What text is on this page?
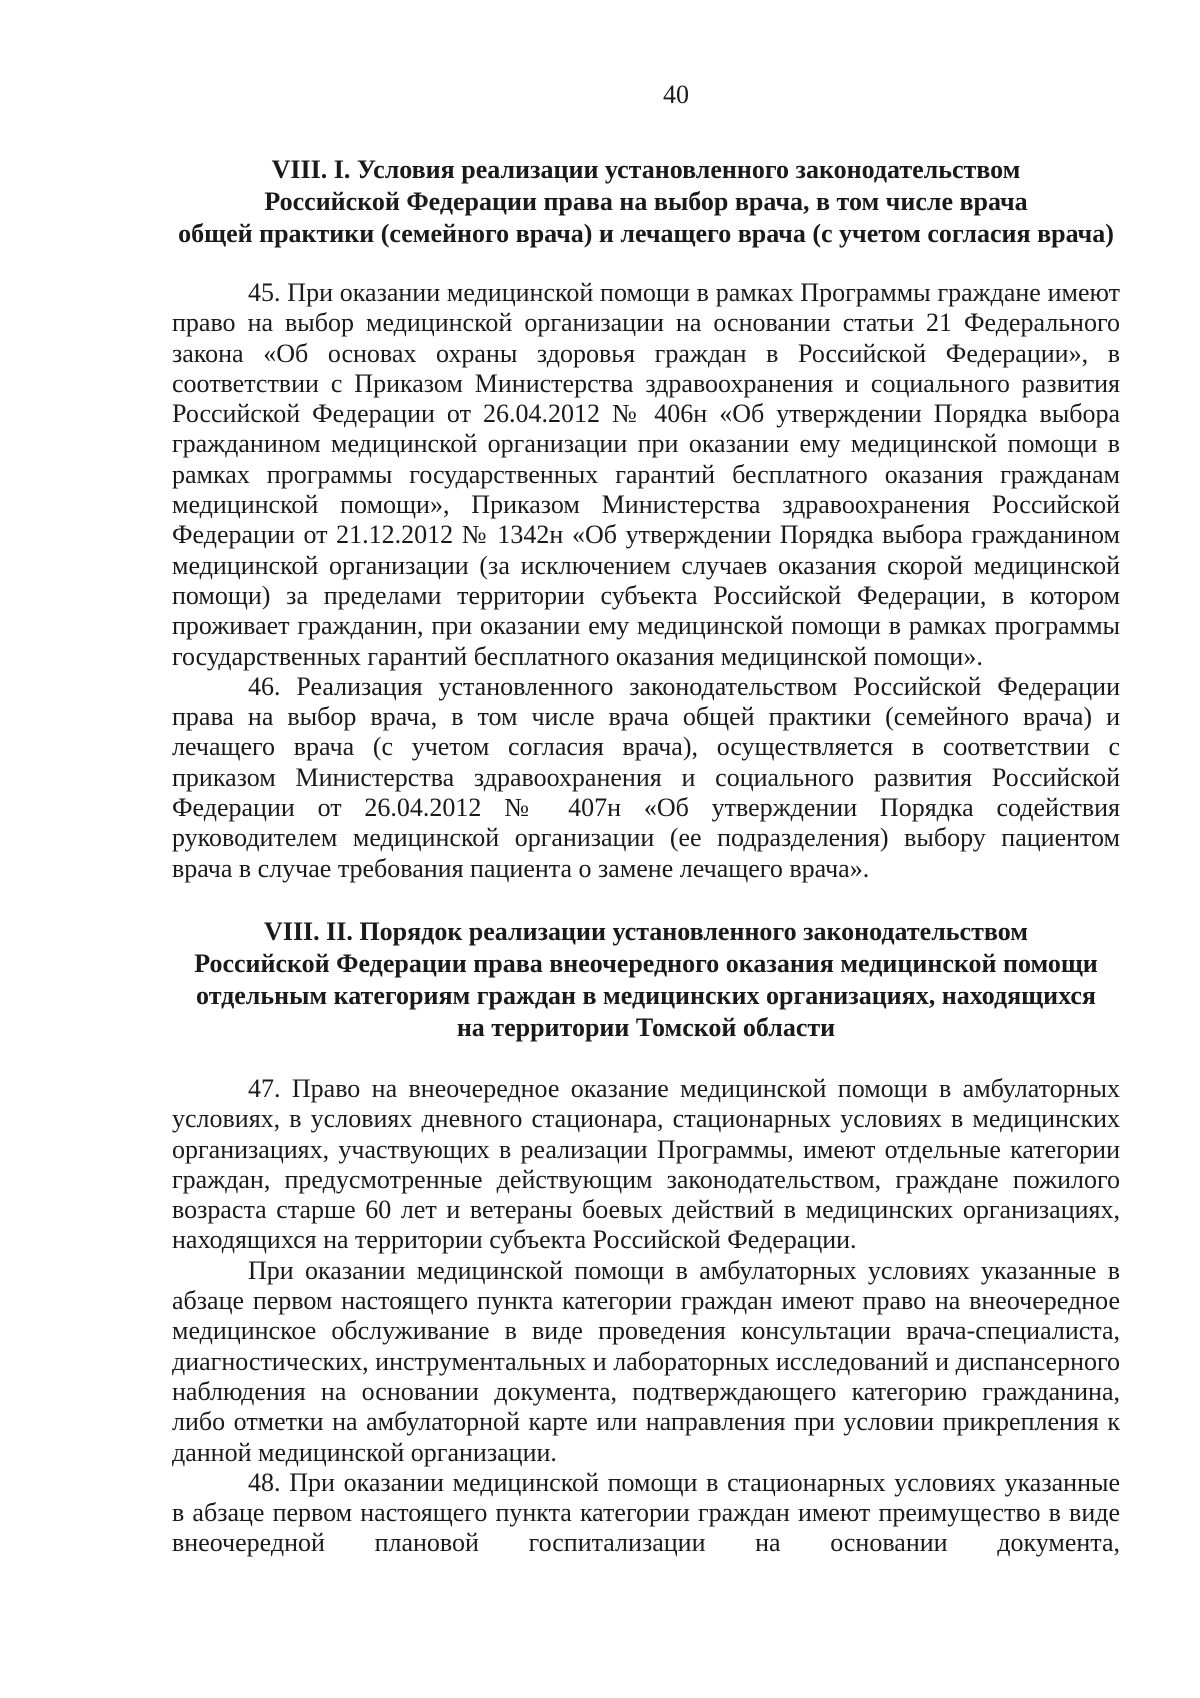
40
VIII. I. Условия реализации установленного законодательством
Российской Федерации права на выбор врача, в том числе врача
общей практики (семейного врача) и лечащего врача (с учетом согласия врача)

45. При оказании медицинской помощи в рамках Программы граждане имеют право на выбор медицинской организации на основании статьи 21 Федерального закона «Об основах охраны здоровья граждан в Российской Федерации», в соответствии с Приказом Министерства здравоохранения и социального развития Российской Федерации от 26.04.2012 № 406н «Об утверждении Порядка выбора гражданином медицинской организации при оказании ему медицинской помощи в рамках программы государственных гарантий бесплатного оказания гражданам медицинской помощи», Приказом Министерства здравоохранения Российской Федерации от 21.12.2012 № 1342н «Об утверждении Порядка выбора гражданином медицинской организации (за исключением случаев оказания скорой медицинской помощи) за пределами территории субъекта Российской Федерации, в котором проживает гражданин, при оказании ему медицинской помощи в рамках программы государственных гарантий бесплатного оказания медицинской помощи».

46. Реализация установленного законодательством Российской Федерации права на выбор врача, в том числе врача общей практики (семейного врача) и лечащего врача (с учетом согласия врача), осуществляется в соответствии с приказом Министерства здравоохранения и социального развития Российской Федерации от 26.04.2012 № 407н «Об утверждении Порядка содействия руководителем медицинской организации (ее подразделения) выбору пациентом врача в случае требования пациента о замене лечащего врача».

VIII. II. Порядок реализации установленного законодательством
Российской Федерации права внеочередного оказания медицинской помощи
отдельным категориям граждан в медицинских организациях, находящихся
на территории Томской области

47. Право на внеочередное оказание медицинской помощи в амбулаторных условиях, в условиях дневного стационара, стационарных условиях в медицинских организациях, участвующих в реализации Программы, имеют отдельные категории граждан, предусмотренные действующим законодательством, граждане пожилого возраста старше 60 лет и ветераны боевых действий в медицинских организациях, находящихся на территории субъекта Российской Федерации.

При оказании медицинской помощи в амбулаторных условиях указанные в абзаце первом настоящего пункта категории граждан имеют право на внеочередное медицинское обслуживание в виде проведения консультации врача-специалиста, диагностических, инструментальных и лабораторных исследований и диспансерного наблюдения на основании документа, подтверждающего категорию гражданина, либо отметки на амбулаторной карте или направления при условии прикрепления к данной медицинской организации.

48. При оказании медицинской помощи в стационарных условиях указанные в абзаце первом настоящего пункта категории граждан имеют преимущество в виде внеочередной плановой госпитализации на основании документа,
